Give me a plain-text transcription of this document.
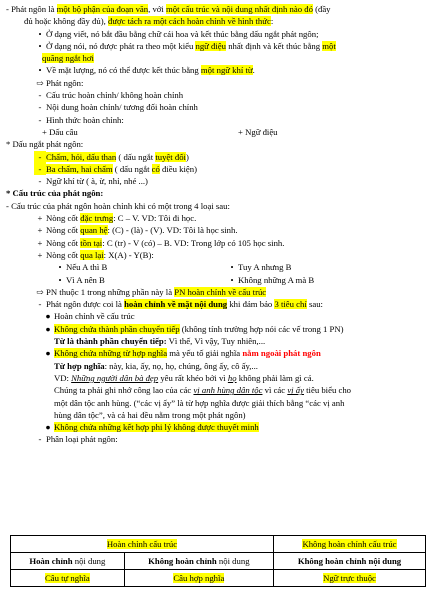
- Phát ngôn là một bộ phận của đoạn văn, với một cấu trúc và nội dung nhất định nào đó (đầy
đủ hoặc không đầy đủ), được tách ra một cách hoàn chỉnh về hình thức:
• Ở dạng viết, nó bắt đầu bằng chữ cái hoa và kết thúc bằng dấu ngắt phát ngôn;
• Ở dạng nói, nó được phát ra theo một kiểu ngữ điệu nhất định và kết thúc bằng một
quãng ngắt hơi
• Về mặt lượng, nó có thể được kết thúc bằng một ngữ khí từ.
⇨ Phát ngôn:
- Cấu trúc hoàn chỉnh/ không hoàn chỉnh
- Nội dung hoàn chỉnh/ tương đối hoàn chỉnh
- Hình thức hoàn chỉnh:
+ Dấu câu	+ Ngữ điệu
* Dấu ngắt phát ngôn:
- Chấm, hỏi, dấu than ( dấu ngắt tuyệt đối)
- Ba chấm, hai chấm ( dấu ngắt có điều kiện)
- Ngữ khí từ ( à, ừ, nhỉ, nhé ...)
* Cấu trúc của phát ngôn:
- Cấu trúc của phát ngôn hoàn chỉnh khi có một trong 4 loại sau:
+ Nòng cốt đặc trưng: C – V. VD: Tôi đi học.
+ Nòng cốt quan hệ: (C) - (là) - (V). VD: Tôi là học sinh.
+ Nòng cốt tồn tại: C (tr) - V (có) – B. VD: Trong lớp có 105 học sinh.
+ Nòng cốt qua lại: X(A) - Y(B):
• Nếu A thì B	• Tuy A nhưng B
• Vì A nên B	• Không những A mà B
⇨ PN thuộc 1 trong những phần này là PN hoàn chỉnh về cấu trúc
- Phát ngôn được coi là hoàn chỉnh về mặt nội dung khi đảm bảo 3 tiêu chí sau:
● Hoàn chỉnh về cấu trúc
● Không chứa thành phần chuyển tiếp (không tính trường hợp nói các vế trong 1 PN)
Từ là thành phần chuyển tiếp: Vì thế, Vì vậy, Tuy nhiên,...
● Không chứa những từ hợp nghĩa mà yếu tố giải nghĩa nằm ngoài phát ngôn
Từ hợp nghĩa: này, kia, ấy, nọ, họ, chúng, ông ấy, cô ấy,...
VD: Những người dân bà đẹp yêu rất khéo bởi vì họ không phải làm gì cả.
Chúng ta phải ghi nhớ công lao của các vị anh hùng dân tộc vì các vị ấy tiêu biểu cho
một dân tộc anh hùng. (“các vị ấy” là từ hợp nghĩa được giải thích bằng “các vị anh
hùng dân tộc”, và cả hai đều nằm trong một phát ngôn)
● Không chứa những kết hợp phi lý không được thuyết minh
- Phân loại phát ngôn:
Hoàn chỉnh cấu trúc		Không hoàn chỉnh cấu trúc
Hoàn chỉnh nội dung	Không hoàn chỉnh nội dung	Không hoàn chỉnh nội dung
Câu tự nghĩa	Câu hợp nghĩa	Ngữ trực thuộc
